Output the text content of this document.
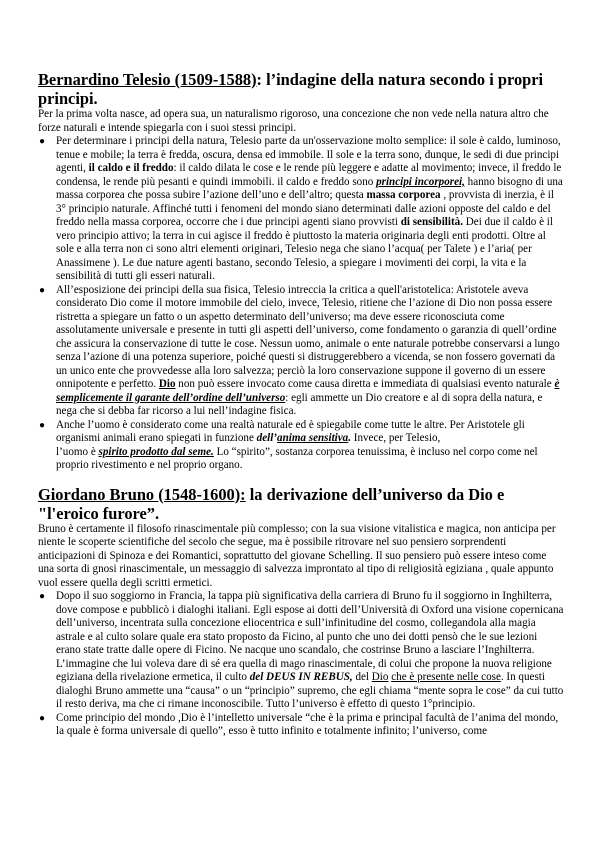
Bernardino Telesio (1509-1588): l’indagine della natura secondo i propri principi.

Per la prima volta nasce, ad opera sua, un naturalismo rigoroso, una concezione che non vede nella natura altro che forze naturali e intende spiegarla con i suoi stessi principi.

● Per determinare i principi della natura, Telesio parte da un'osservazione molto semplice: il sole è caldo, luminoso, tenue e mobile; la terra è fredda, oscura, densa ed immobile. Il sole e la terra sono, dunque, le sedi di due principi agenti, il caldo e il freddo: il caldo dilata le cose e le rende più leggere e adatte al movimento; invece, il freddo le condensa, le rende più pesanti e quindi immobili. il caldo e freddo sono principi incorporei, hanno bisogno di una massa corporea che possa subire l’azione dell’uno e dell’altro; questa massa corporea , provvista di inerzia, è il 3° principio naturale. Affinché tutti i fenomeni del mondo siano determinati dalle azioni opposte del caldo e del freddo nella massa corporea, occorre che i due principi agenti siano provvisti di sensibilità. Dei due il caldo è il vero principio attivo; la terra in cui agisce il freddo è piuttosto la materia originaria degli enti prodotti. Oltre al sole e alla terra non ci sono altri elementi originari, Telesio nega che siano l’acqua( per Talete ) e l’aria( per Anassimene ). Le due nature agenti bastano, secondo Telesio, a spiegare i movimenti dei corpi, la vita e la sensibilità di tutti gli esseri naturali.
● All’esposizione dei principi della sua fisica, Telesio intreccia la critica a quell'aristotelica: Aristotele aveva considerato Dio come il motore immobile del cielo, invece, Telesio, ritiene che l’azione di Dio non possa essere ristretta a spiegare un fatto o un aspetto determinato dell’universo; ma deve essere riconosciuta come assolutamente universale e presente in tutti gli aspetti dell’universo, come fondamento o garanzia di quell’ordine che assicura la conservazione di tutte le cose. Nessun uomo, animale o ente naturale potrebbe conservarsi a lungo senza l’azione di una potenza superiore, poiché questi si distruggerebbero a vicenda, se non fossero governati da un unico ente che provvedesse alla loro salvezza; perciò la loro conservazione suppone il governo di un essere onnipotente e perfetto. Dio non può essere invocato come causa diretta e immediata di qualsiasi evento naturale è semplicemente il garante dell’ordine dell’universo: egli ammette un Dio creatore e al di sopra della natura, e nega che si debba far ricorso a lui nell’indagine fisica.
● Anche l’uomo è considerato come una realtà naturale ed è spiegabile come tutte le altre. Per Aristotele gli organismi animali erano spiegati in funzione dell’anima sensitiva. Invece, per Telesio,
l’uomo è spirito prodotto dal seme. Lo “spirito”, sostanza corporea tenuissima, è incluso nel corpo come nel proprio rivestimento e nel proprio organo.
Giordano Bruno (1548-1600): la derivazione dell’universo da Dio e "l'eroico furore”.

Bruno è certamente il filosofo rinascimentale più complesso; con la sua visione vitalistica e magica, non anticipa per niente le scoperte scientifiche del secolo che segue, ma è possibile ritrovare nel suo pensiero sorprendenti anticipazioni di Spinoza e dei Romantici, soprattutto del giovane Schelling. Il suo pensiero può essere inteso come una sorta di gnosi rinascimentale, un messaggio di salvezza improntato al tipo di religiosità egiziana , quale appunto vuol essere quella degli scritti ermetici.

● Dopo il suo soggiorno in Francia, la tappa più significativa della carriera di Bruno fu il soggiorno in Inghilterra, dove compose e pubblicò i dialoghi italiani. Egli espose ai dotti dell’Università di Oxford una visione copernicana dell’universo, incentrata sulla concezione eliocentrica e sull’infinitudine del cosmo, collegandola alla magia astrale e al culto solare quale era stato proposto da Ficino, al punto che uno dei dotti pensò che le sue lezioni erano state tratte dalle opere di Ficino. Ne nacque uno scandalo, che costrinse Bruno a lasciare l’Inghilterra. L’immagine che lui voleva dare di sé era quella di mago rinascimentale, di colui che propone la nuova religione egiziana della rivelazione ermetica, il culto del DEUS IN REBUS, del Dio che è presente nelle cose. In questi dialoghi Bruno ammette una “causa” o un “principio” supremo, che egli chiama “mente sopra le cose” da cui tutto il resto deriva, ma che ci rimane inconoscibile. Tutto l’universo è effetto di questo 1°principio.
● Come principio del mondo ,Dio è l’intelletto universale “che è la prima e principal facultà de l’anima del mondo, la quale è forma universale di quello”, esso è tutto infinito e totalmente infinito; l’universo, come
